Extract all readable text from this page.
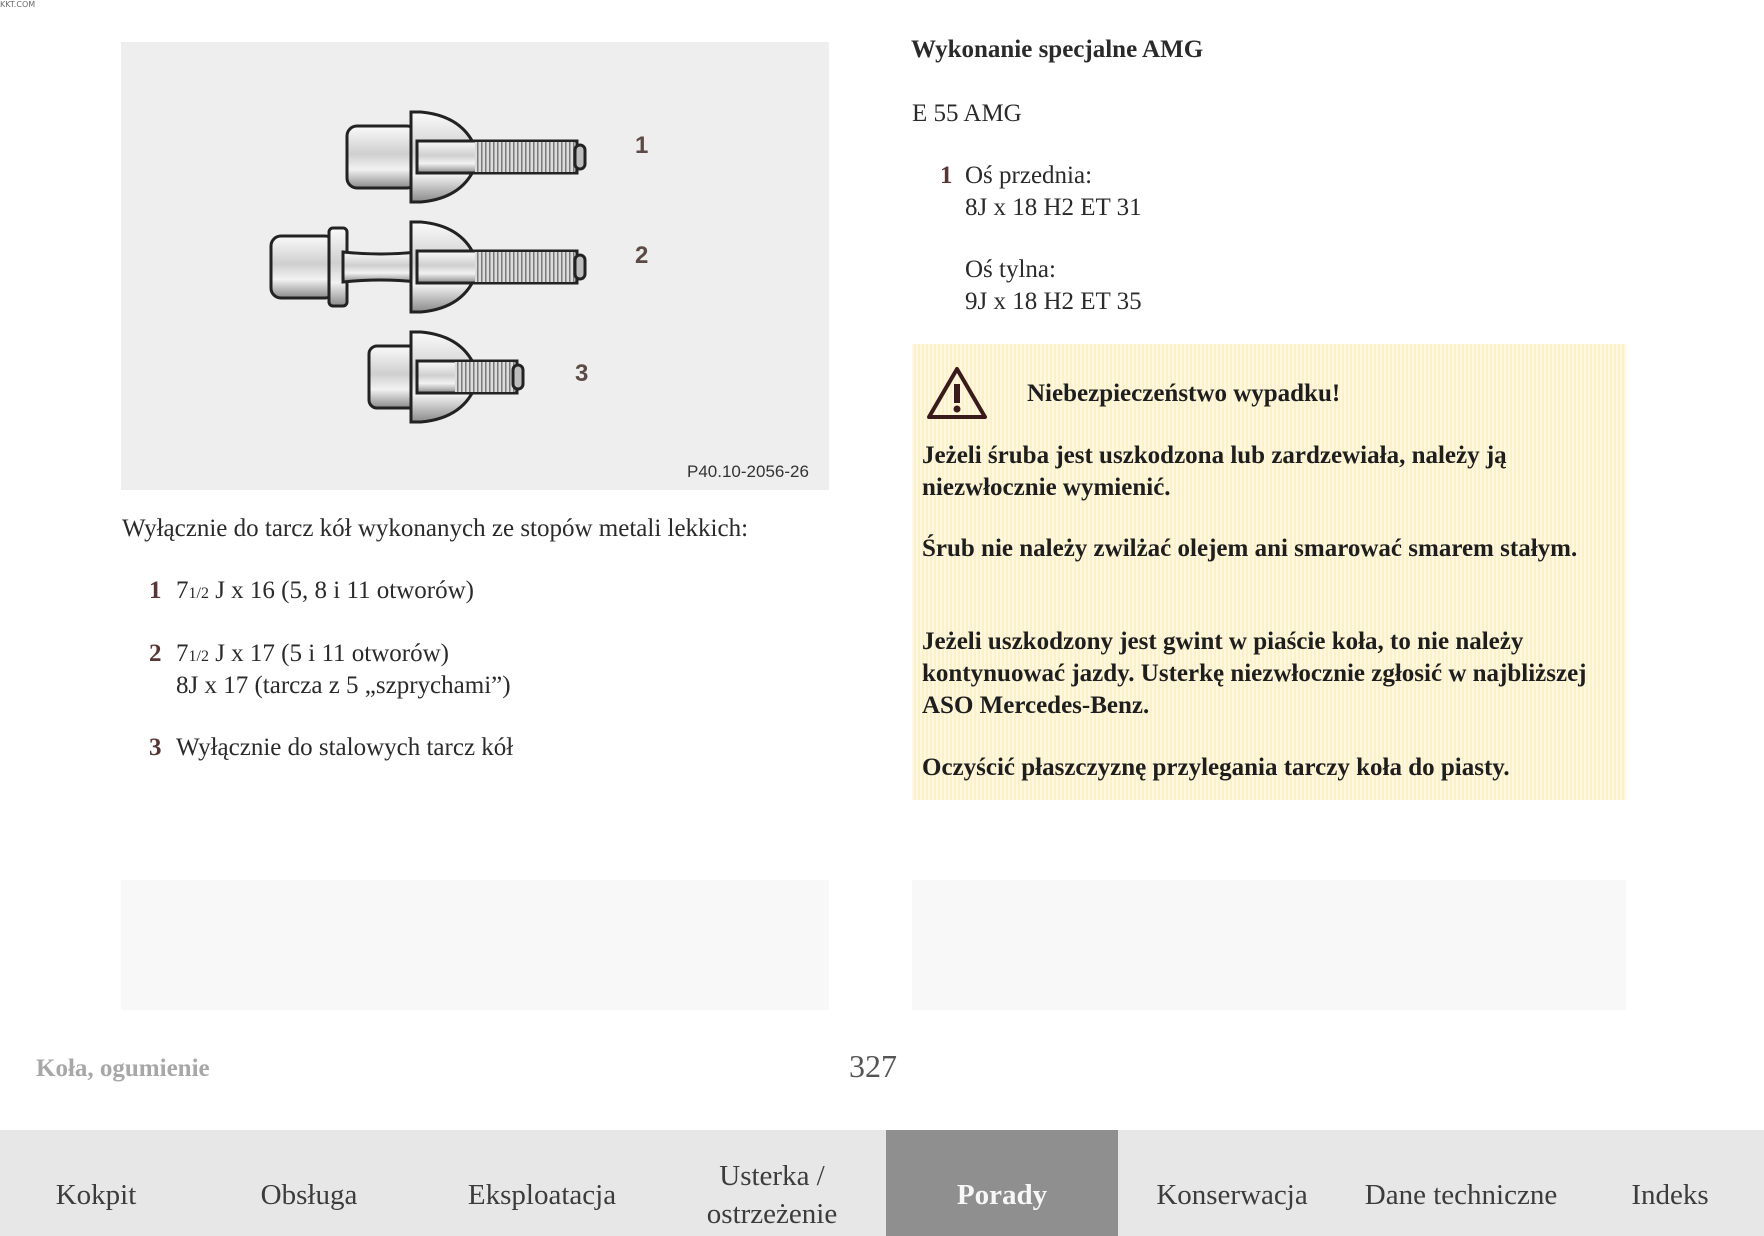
KKT.COM
1
2
3
P40.10-2056-26
Wyłącznie do tarcz kół wykonanych ze stopów metali lekkich:
1 71/2 J x 16 (5, 8 i 11 otworów)
2 71/2 J x 17 (5 i 11 otworów)
8J x 17 (tarcza z 5 „szprychami”)
3 Wyłącznie do stalowych tarcz kół
Wykonanie specjalne AMG
E 55 AMG
1 Oś przednia:
8J x 18 H2 ET 31
Oś tylna:
9J x 18 H2 ET 35
Niebezpieczeństwo wypadku!
Jeżeli śruba jest uszkodzona lub zardzewiała, należy ją niezwłocznie wymienić.
Śrub nie należy zwilżać olejem ani smarować smarem stałym.
Jeżeli uszkodzony jest gwint w piaście koła, to nie należy kontynuować jazdy. Usterkę niezwłocznie zgłosić w najbliższej ASO Mercedes-Benz.
Oczyścić płaszczyznę przylegania tarczy koła do piasty.
Koła, ogumienie	327
Kokpit	Obsługa	Eksploatacja
Usterka / ostrzeżenie
Porady	Konserwacja Dane techniczne	Indeks
